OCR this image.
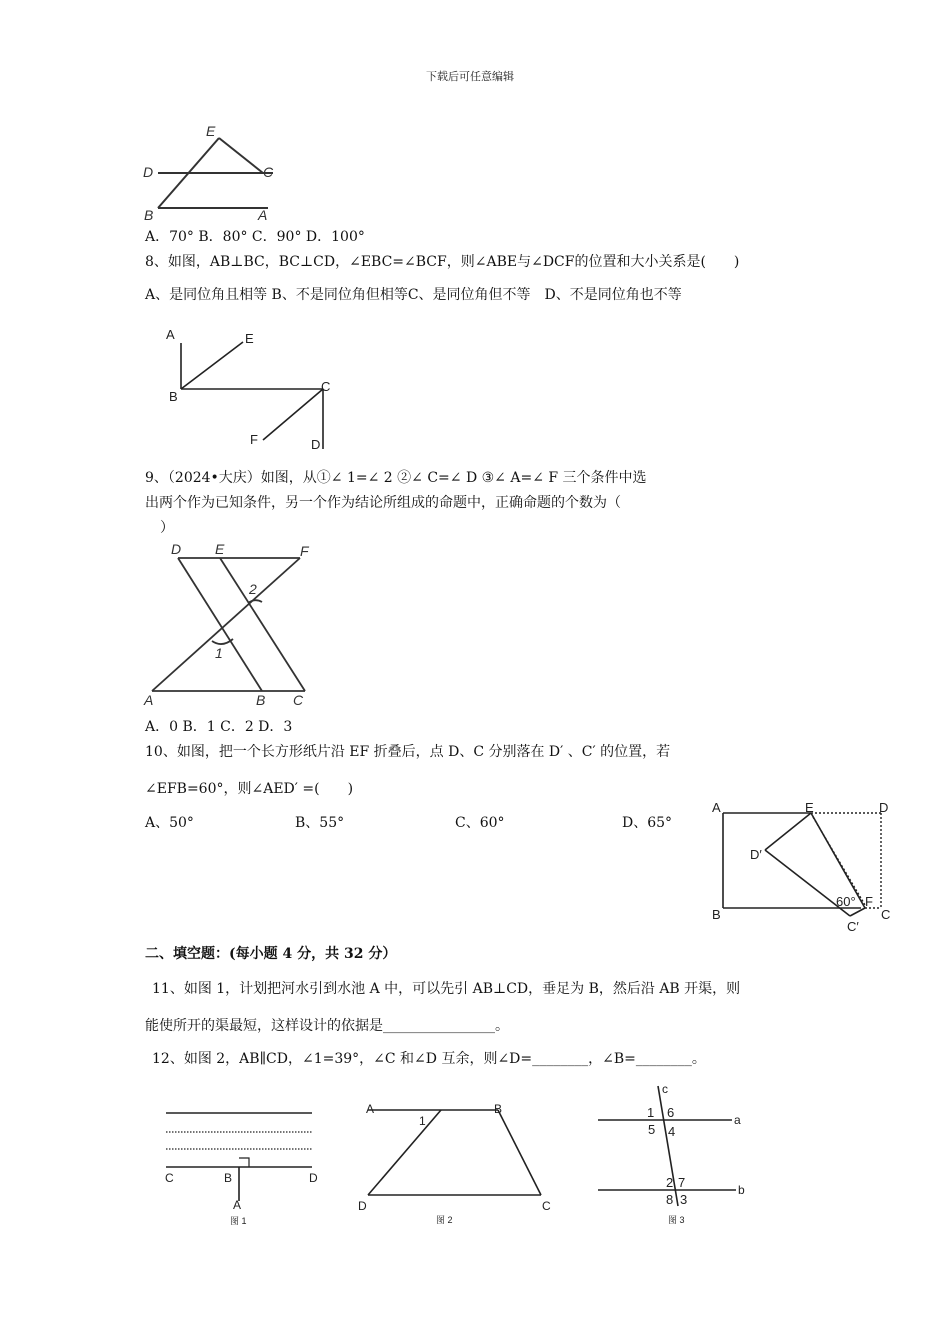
下载后可任意编辑
E
D	C
B	A
A．70° B．80° C．90° D．100°
8、如图，AB⊥BC，BC⊥CD，∠EBC=∠BCF，则∠ABE与∠DCF的位置和大小关系是(　　)
A、是同位角且相等 B、不是同位角但相等C、是同位角但不等　D、不是同位角也不等
A	E
B
C
F	D
9、（2024•大庆）如图，从①∠ 1=∠ 2 ②∠ C=∠ D ③∠ A=∠ F 三个条件中选
出两个作为已知条件，另一个作为结论所组成的命题中，正确命题的个数为（
）
D E	F
2
1
A	B C
A．0 B．1 C．2 D．3
10、如图，把一个长方形纸片沿 EF 折叠后，点 D、C 分别落在 D′ 、C′ 的位置，若
∠EFB=60°，则∠AED′ =(　　)
A、50°	B、55°	C、60°	D、65°
A	E	D
D′
60° F
B	C
C′
二、填空题：(每小题 4 分，共 32 分）
11、如图 1，计划把河水引到水池 A 中，可以先引 AB⊥CD，垂足为 B，然后沿 AB 开渠，则
能使所开的渠最短，这样设计的依据是________________。
12、如图 2，AB∥CD，∠1=39°，∠C 和∠D 互余，则∠D=________，∠B=________。
C	B	D
A
图 1
A
1
B
D	C
图 2
c
1 6	a
5 4
2 7	b
8 3
图 3
